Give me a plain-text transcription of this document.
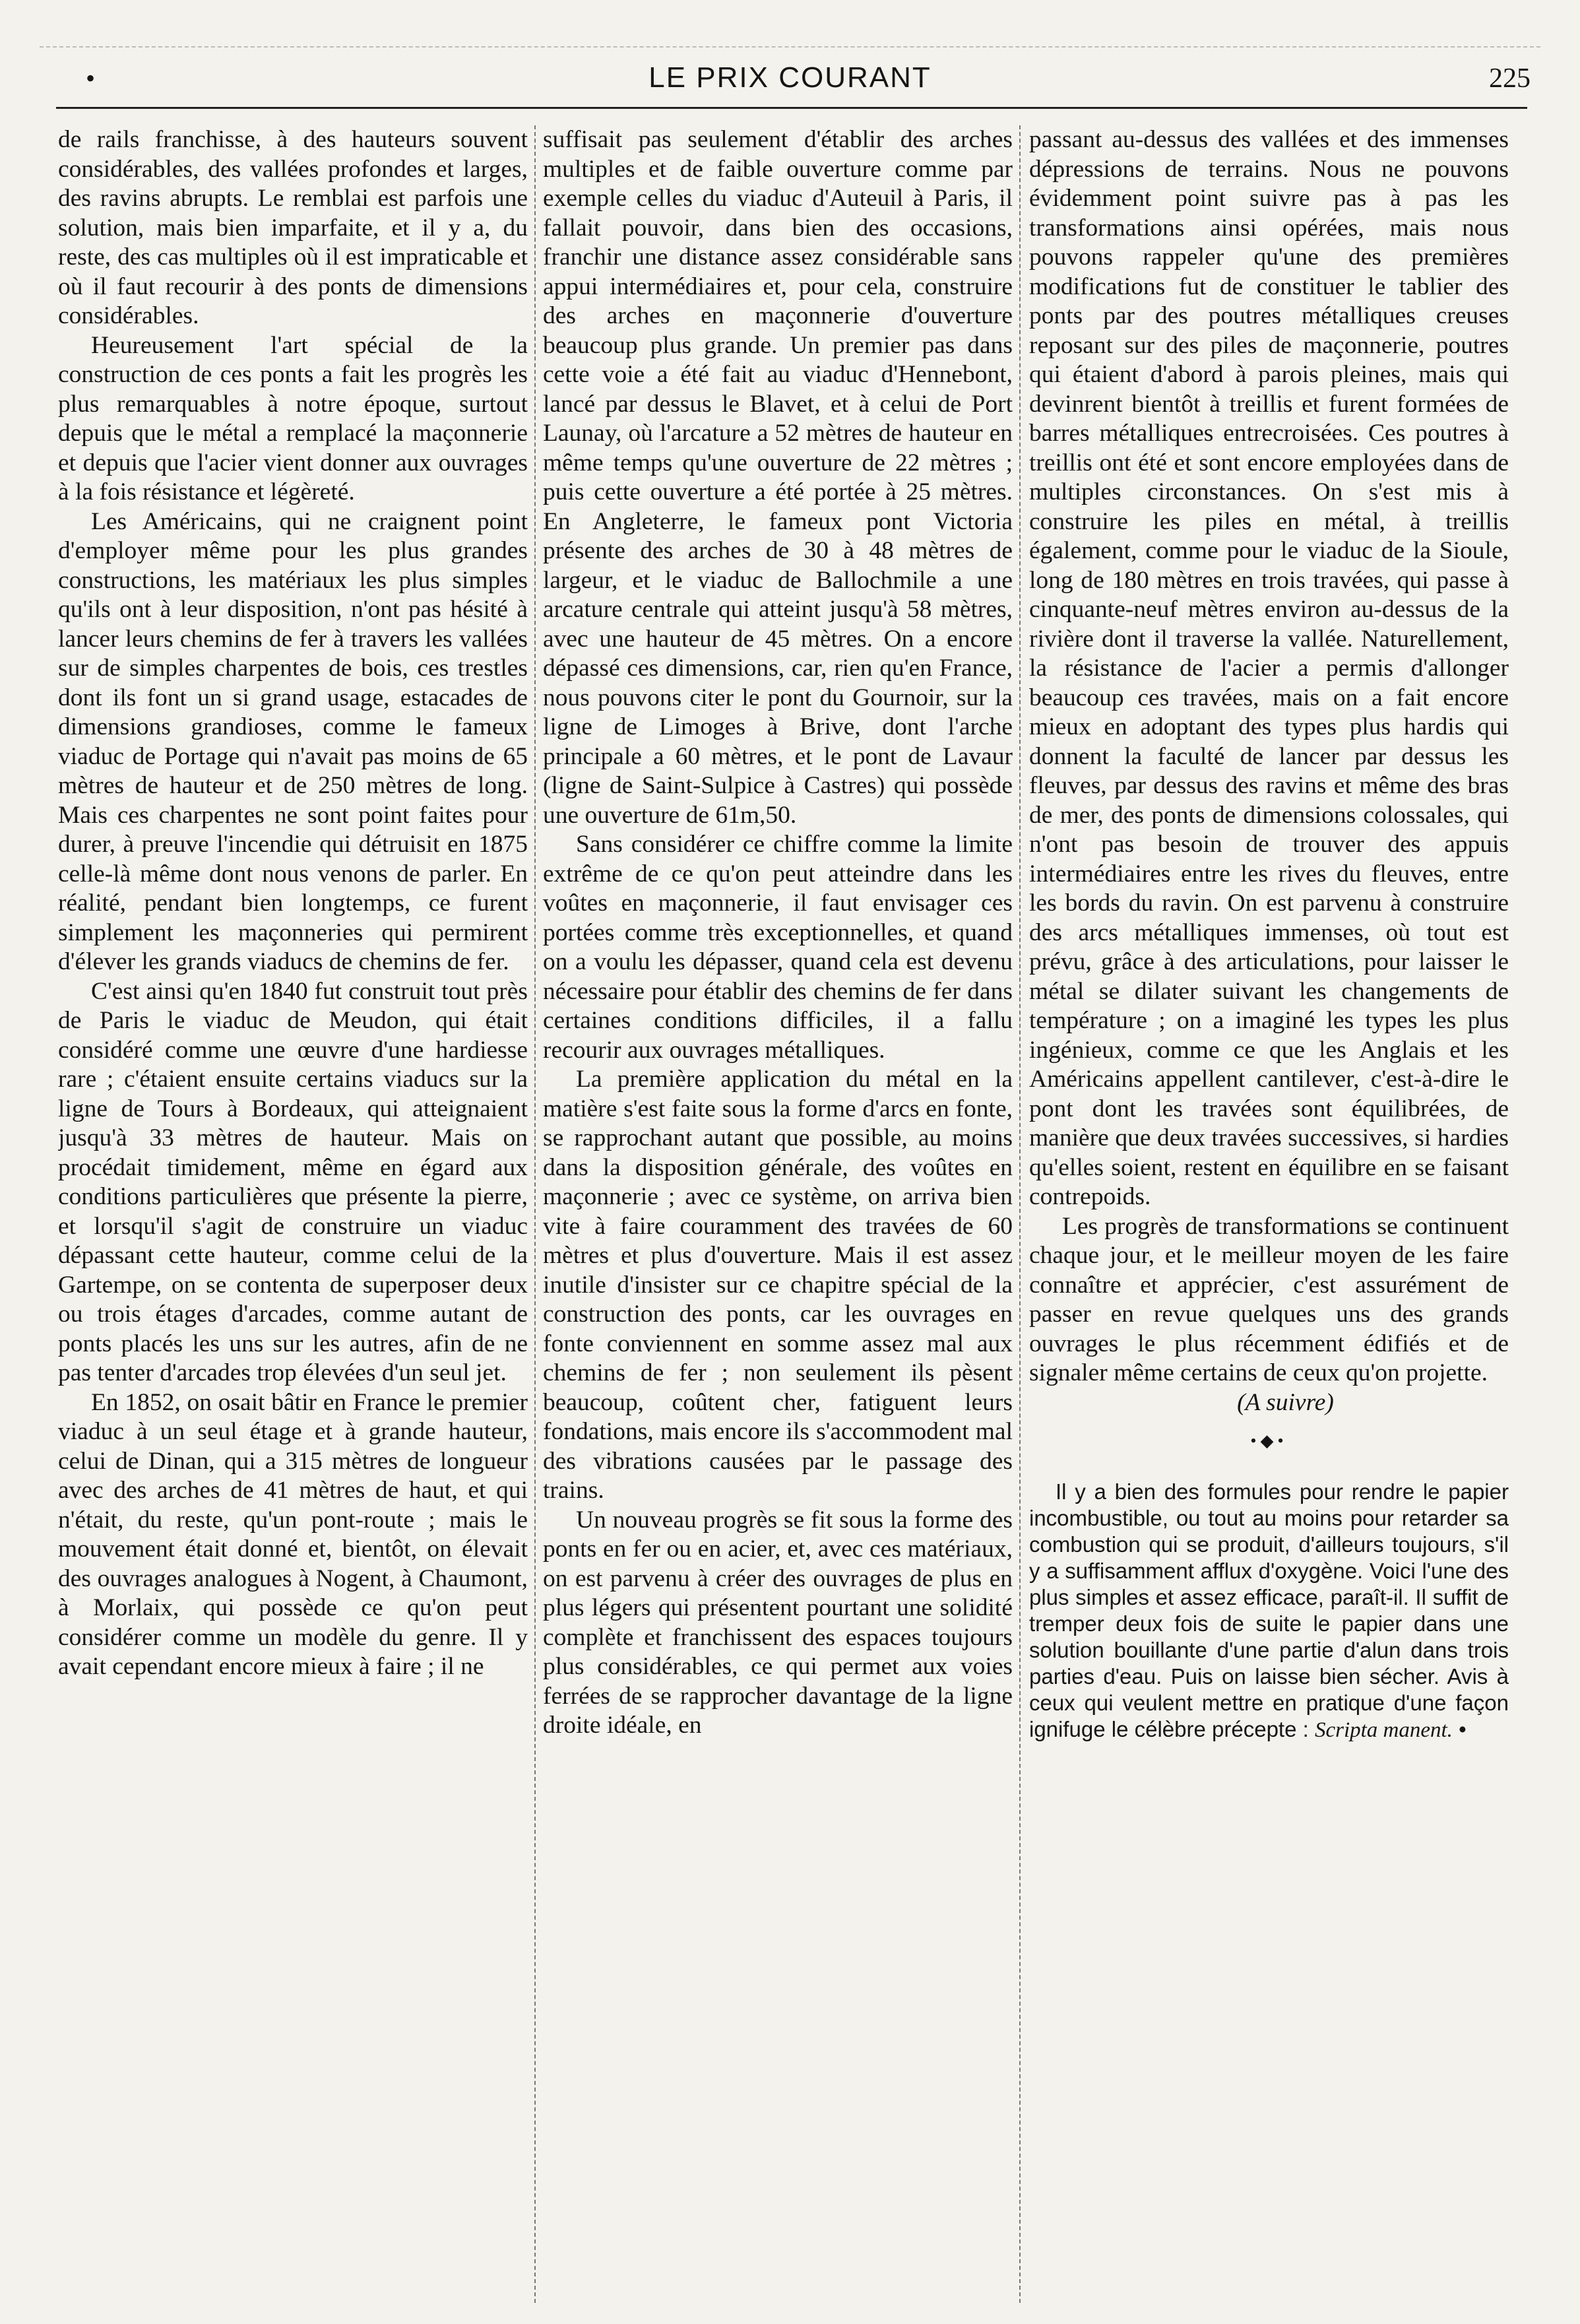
•	LE PRIX COURANT	225

de rails franchisse, à des hauteurs souvent considérables, des vallées profondes et larges, des ravins abrupts. Le remblai est parfois une solution, mais bien imparfaite, et il y a, du reste, des cas multiples où il est impraticable et où il faut recourir à des ponts de dimensions considérables.

Heureusement l'art spécial de la construction de ces ponts a fait les progrès les plus remarquables à notre époque, surtout depuis que le métal a remplacé la maçonnerie et depuis que l'acier vient donner aux ouvrages à la fois résistance et légèreté.

Les Américains, qui ne craignent point d'employer même pour les plus grandes constructions, les matériaux les plus simples qu'ils ont à leur disposition, n'ont pas hésité à lancer leurs chemins de fer à travers les vallées sur de simples charpentes de bois, ces trestles dont ils font un si grand usage, estacades de dimensions grandioses, comme le fameux viaduc de Portage qui n'avait pas moins de 65 mètres de hauteur et de 250 mètres de long. Mais ces charpentes ne sont point faites pour durer, à preuve l'incendie qui détruisit en 1875 celle-là même dont nous venons de parler. En réalité, pendant bien longtemps, ce furent simplement les maçonneries qui permirent d'élever les grands viaducs de chemins de fer.

C'est ainsi qu'en 1840 fut construit tout près de Paris le viaduc de Meudon, qui était considéré comme une œuvre d'une hardiesse rare ; c'étaient ensuite certains viaducs sur la ligne de Tours à Bordeaux, qui atteignaient jusqu'à 33 mètres de hauteur. Mais on procédait timidement, même en égard aux conditions particulières que présente la pierre, et lorsqu'il s'agit de construire un viaduc dépassant cette hauteur, comme celui de la Gartempe, on se contenta de superposer deux ou trois étages d'arcades, comme autant de ponts placés les uns sur les autres, afin de ne pas tenter d'arcades trop élevées d'un seul jet.

En 1852, on osait bâtir en France le premier viaduc à un seul étage et à grande hauteur, celui de Dinan, qui a 315 mètres de longueur avec des arches de 41 mètres de haut, et qui n'était, du reste, qu'un pont-route ; mais le mouvement était donné et, bientôt, on élevait des ouvrages analogues à Nogent, à Chaumont, à Morlaix, qui possède ce qu'on peut considérer comme un modèle du genre. Il y avait cependant encore mieux à faire ; il ne

suffisait pas seulement d'établir des arches multiples et de faible ouverture comme par exemple celles du viaduc d'Auteuil à Paris, il fallait pouvoir, dans bien des occasions, franchir une distance assez considérable sans appui intermédiaires et, pour cela, construire des arches en maçonnerie d'ouverture beaucoup plus grande. Un premier pas dans cette voie a été fait au viaduc d'Hennebont, lancé par dessus le Blavet, et à celui de Port Launay, où l'arcature a 52 mètres de hauteur en même temps qu'une ouverture de 22 mètres ; puis cette ouverture a été portée à 25 mètres. En Angleterre, le fameux pont Victoria présente des arches de 30 à 48 mètres de largeur, et le viaduc de Ballochmile a une arcature centrale qui atteint jusqu'à 58 mètres, avec une hauteur de 45 mètres. On a encore dépassé ces dimensions, car, rien qu'en France, nous pouvons citer le pont du Gournoir, sur la ligne de Limoges à Brive, dont l'arche principale a 60 mètres, et le pont de Lavaur (ligne de Saint-Sulpice à Castres) qui possède une ouverture de 61m,50.

Sans considérer ce chiffre comme la limite extrême de ce qu'on peut atteindre dans les voûtes en maçonnerie, il faut envisager ces portées comme très exceptionnelles, et quand on a voulu les dépasser, quand cela est devenu nécessaire pour établir des chemins de fer dans certaines conditions difficiles, il a fallu recourir aux ouvrages métalliques.

La première application du métal en la matière s'est faite sous la forme d'arcs en fonte, se rapprochant autant que possible, au moins dans la disposition générale, des voûtes en maçonnerie ; avec ce système, on arriva bien vite à faire couramment des travées de 60 mètres et plus d'ouverture. Mais il est assez inutile d'insister sur ce chapitre spécial de la construction des ponts, car les ouvrages en fonte conviennent en somme assez mal aux chemins de fer ; non seulement ils pèsent beaucoup, coûtent cher, fatiguent leurs fondations, mais encore ils s'accommodent mal des vibrations causées par le passage des trains.

Un nouveau progrès se fit sous la forme des ponts en fer ou en acier, et, avec ces matériaux, on est parvenu à créer des ouvrages de plus en plus légers qui présentent pourtant une solidité complète et franchissent des espaces toujours plus considérables, ce qui permet aux voies ferrées de se rapprocher davantage de la ligne droite idéale, en

passant au-dessus des vallées et des immenses dépressions de terrains. Nous ne pouvons évidemment point suivre pas à pas les transformations ainsi opérées, mais nous pouvons rappeler qu'une des premières modifications fut de constituer le tablier des ponts par des poutres métalliques creuses reposant sur des piles de maçonnerie, poutres qui étaient d'abord à parois pleines, mais qui devinrent bientôt à treillis et furent formées de barres métalliques entrecroisées. Ces poutres à treillis ont été et sont encore employées dans de multiples circonstances. On s'est mis à construire les piles en métal, à treillis également, comme pour le viaduc de la Sioule, long de 180 mètres en trois travées, qui passe à cinquante-neuf mètres environ au-dessus de la rivière dont il traverse la vallée. Naturellement, la résistance de l'acier a permis d'allonger beaucoup ces travées, mais on a fait encore mieux en adoptant des types plus hardis qui donnent la faculté de lancer par dessus les fleuves, par dessus des ravins et même des bras de mer, des ponts de dimensions colossales, qui n'ont pas besoin de trouver des appuis intermédiaires entre les rives du fleuves, entre les bords du ravin. On est parvenu à construire des arcs métalliques immenses, où tout est prévu, grâce à des articulations, pour laisser le métal se dilater suivant les changements de température ; on a imaginé les types les plus ingénieux, comme ce que les Anglais et les Américains appellent cantilever, c'est-à-dire le pont dont les travées sont équilibrées, de manière que deux travées successives, si hardies qu'elles soient, restent en équilibre en se faisant contrepoids.

Les progrès de transformations se continuent chaque jour, et le meilleur moyen de les faire connaître et apprécier, c'est assurément de passer en revue quelques uns des grands ouvrages le plus récemment édifiés et de signaler même certains de ceux qu'on projette.

(A suivre)

•◆•

Il y a bien des formules pour rendre le papier incombustible, ou tout au moins pour retarder sa combustion qui se produit, d'ailleurs toujours, s'il y a suffisamment afflux d'oxygène. Voici l'une des plus simples et assez efficace, paraît-il. Il suffit de tremper deux fois de suite le papier dans une solution bouillante d'une partie d'alun dans trois parties d'eau. Puis on laisse bien sécher. Avis à ceux qui veulent mettre en pratique d'une façon ignifuge le célèbre précepte : Scripta manent. •
